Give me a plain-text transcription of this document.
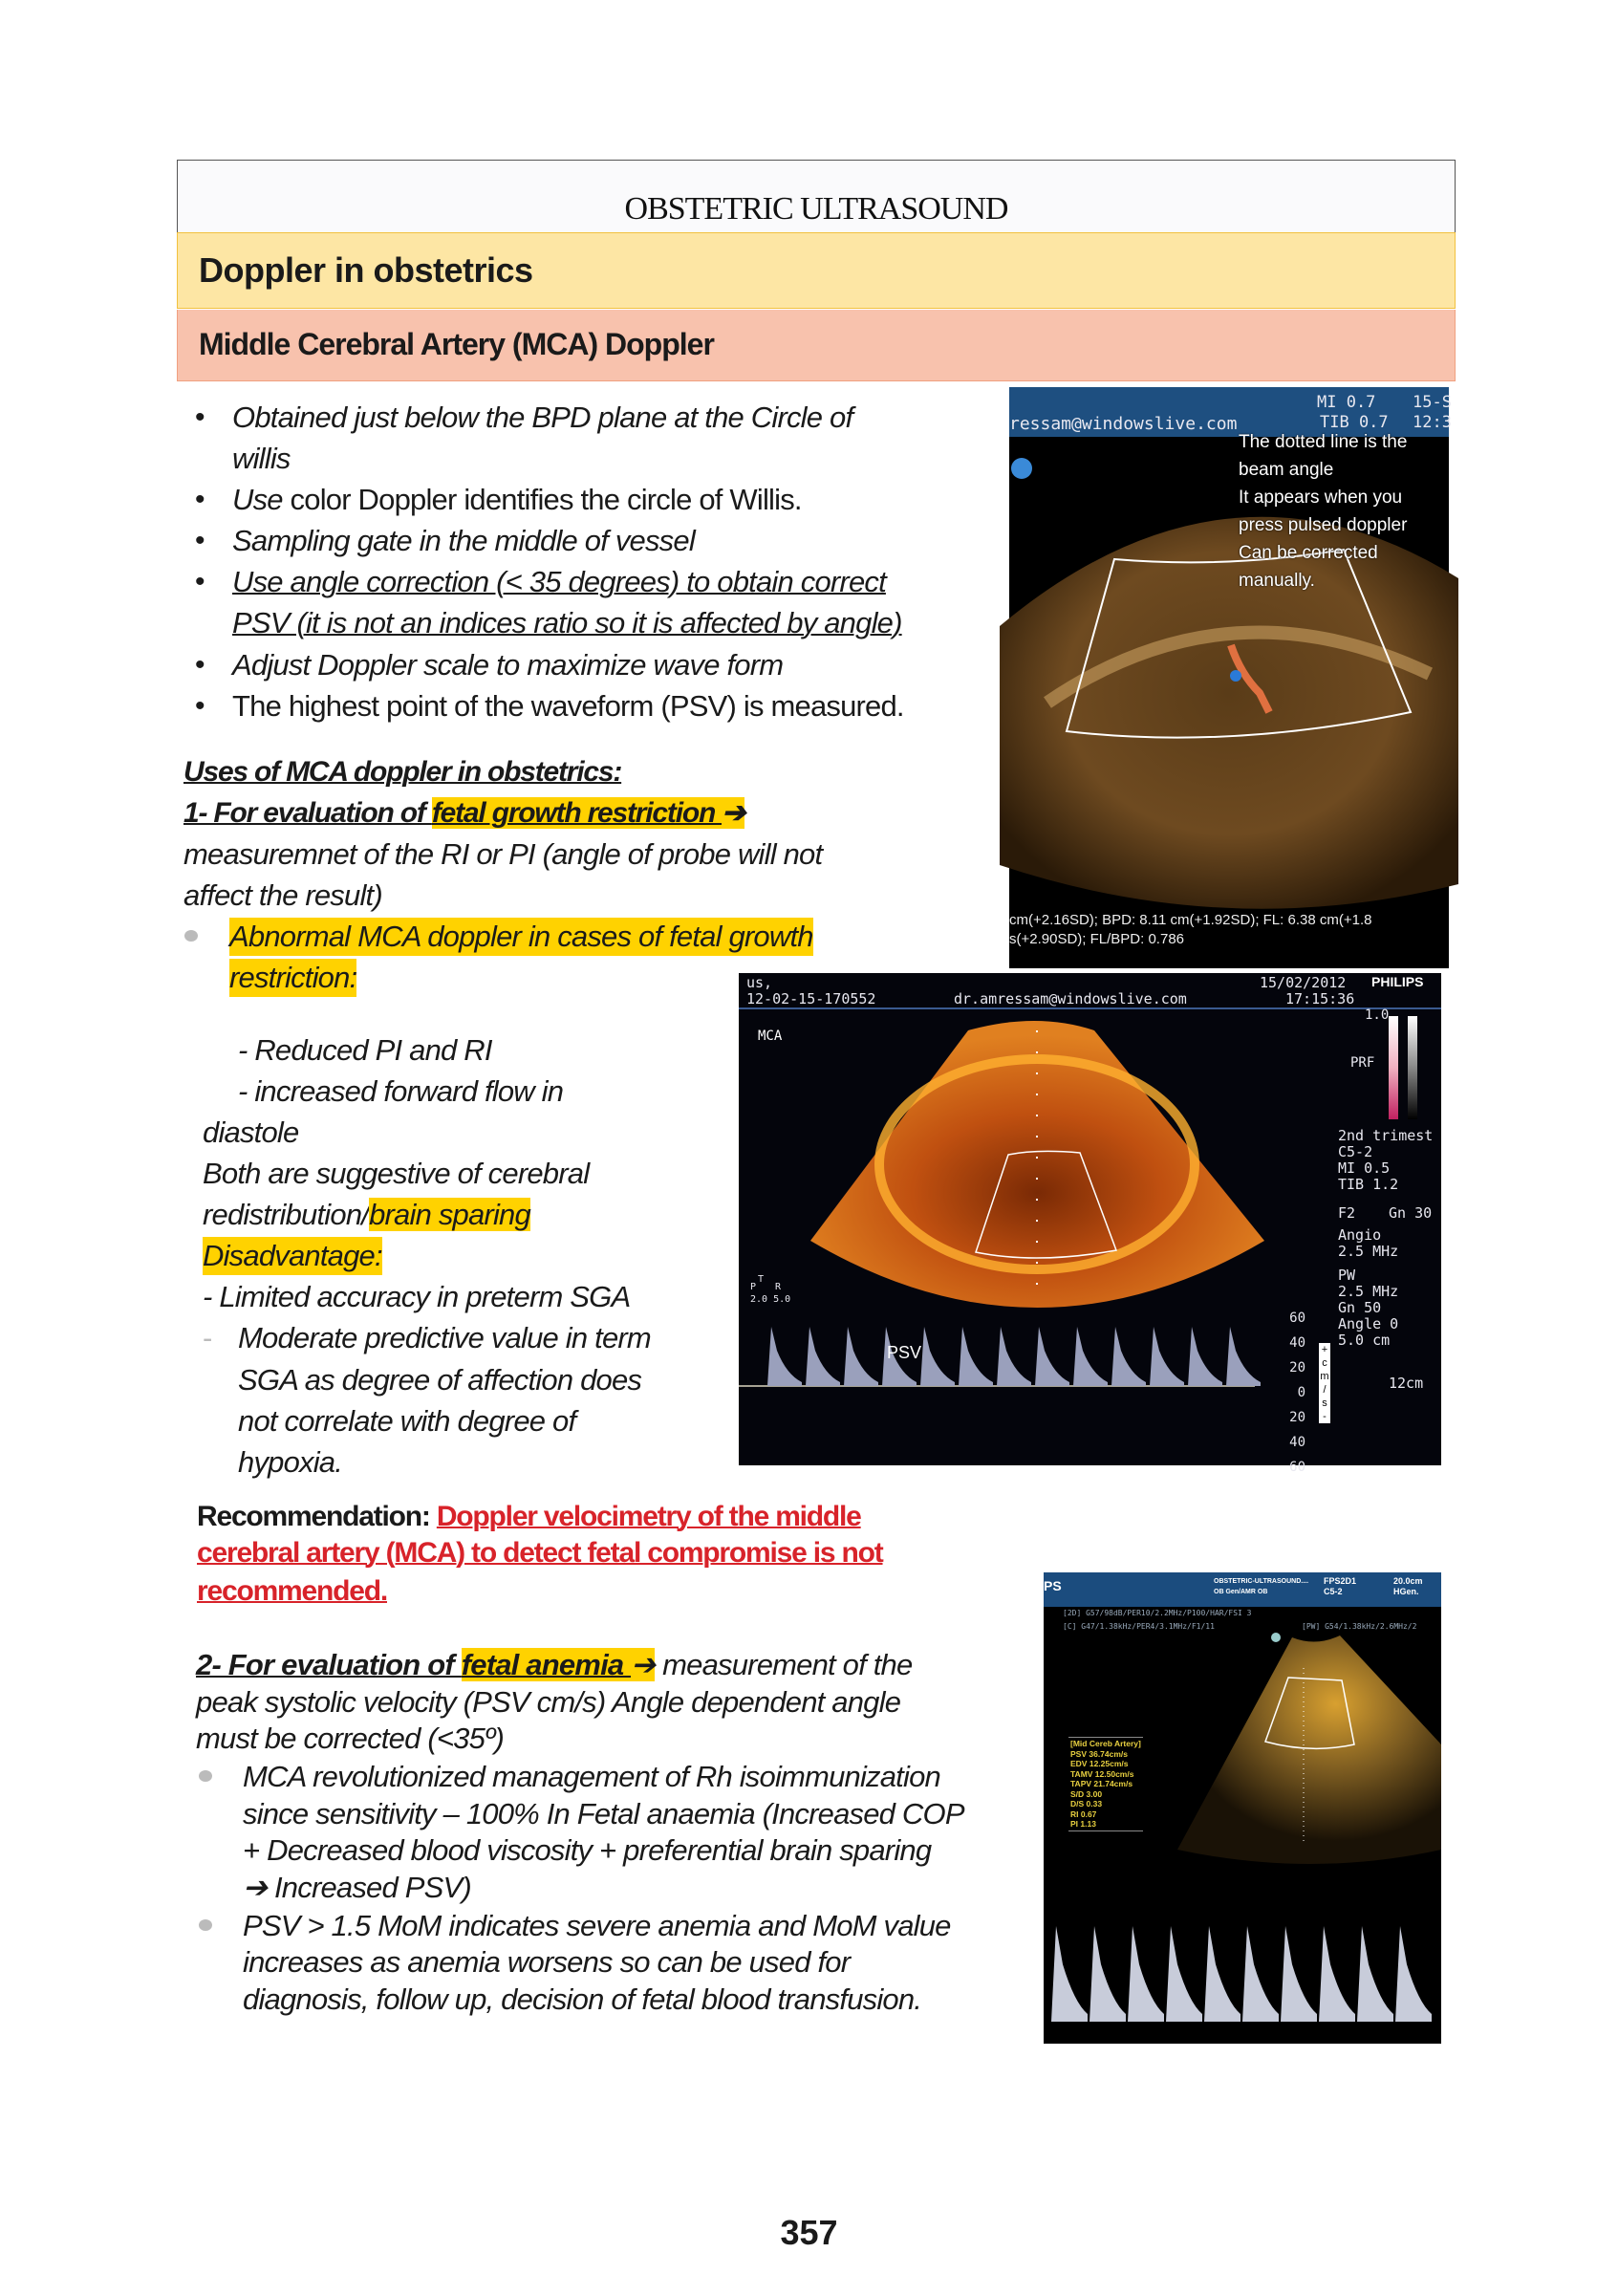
OBSTETRIC ULTRASOUND
Doppler in obstetrics
Middle Cerebral Artery (MCA) Doppler
• Obtained just below the BPD plane at the Circle of
willis
• Use color Doppler identifies the circle of Willis.
• Sampling gate in the middle of vessel
• Use angle correction (< 35 degrees) to obtain correct
PSV (it is not an indices ratio so it is affected by angle)
• Adjust Doppler scale to maximize wave form
• The highest point of the waveform (PSV) is measured.
Uses of MCA doppler in obstetrics:
1- For evaluation of fetal growth restriction ➔
measuremnet of the RI or PI (angle of probe will not
affect the result)
Abnormal MCA doppler in cases of fetal growth
restriction:
- Reduced PI and RI
- increased forward flow in
diastole
Both are suggestive of cerebral
redistribution/brain sparing
Disadvantage:
- Limited accuracy in preterm SGA
- Moderate predictive value in term
SGA as degree of affection does
not correlate with degree of
hypoxia.
Recommendation: Doppler velocimetry of the middle
cerebral artery (MCA) to detect fetal compromise is not
recommended.
2- For evaluation of fetal anemia ➔ measurement of the
peak systolic velocity (PSV cm/s) Angle dependent angle
must be corrected (<35º)
MCA revolutionized management of Rh isoimmunization
since sensitivity – 100% In Fetal anaemia (Increased COP
+ Decreased blood viscosity + preferential brain sparing
➔ Increased PSV)
PSV > 1.5 MoM indicates severe anemia and MoM value
increases as anemia worsens so can be used for
diagnosis, follow up, decision of fetal blood transfusion.
MI 0.7 15-S
TIB 0.7 12:3
ressam@windowslive.com
The dotted line is the
beam angle
It appears when you
press pulsed doppler
Can be corrected
manually.
cm(+2.16SD); BPD: 8.11 cm(+1.92SD); FL: 6.38 cm(+1.8
s(+2.90SD); FL/BPD: 0.786
us,
12-02-15-170552	dr.amressam@windowslive.com
15/02/2012
17:15:36
PHILIPS
MCA
PSV
1.0
PRF
2nd trimest
C5-2
MI 0.5
TIB 1.2
F2 Gn 30
Angio
2.5 MHz
PW
2.5 MHz
Gn 50
Angle 0
5.0 cm
12cm
T
P R
2.0 5.0
60
40
20
0
20
40
60
+
c
m
/
s
-
PS	OBSTETRIC-ULTRASOUND....
OB Gen/AMR OB
FPS2D1
C5-2
20.0cm
HGen.
[2D] G57/98dB/PER10/2.2MHz/P100/HAR/FSI 3
[C] G47/1.38kHz/PER4/3.1MHz/F1/11	[PW] G54/1.38kHz/2.6MHz/2
[Mid Cereb Artery]
PSV 36.74cm/s
EDV 12.25cm/s
TAMV 12.50cm/s
TAPV 21.74cm/s
S/D 3.00
D/S 0.33
RI 0.67
PI 1.13
357
